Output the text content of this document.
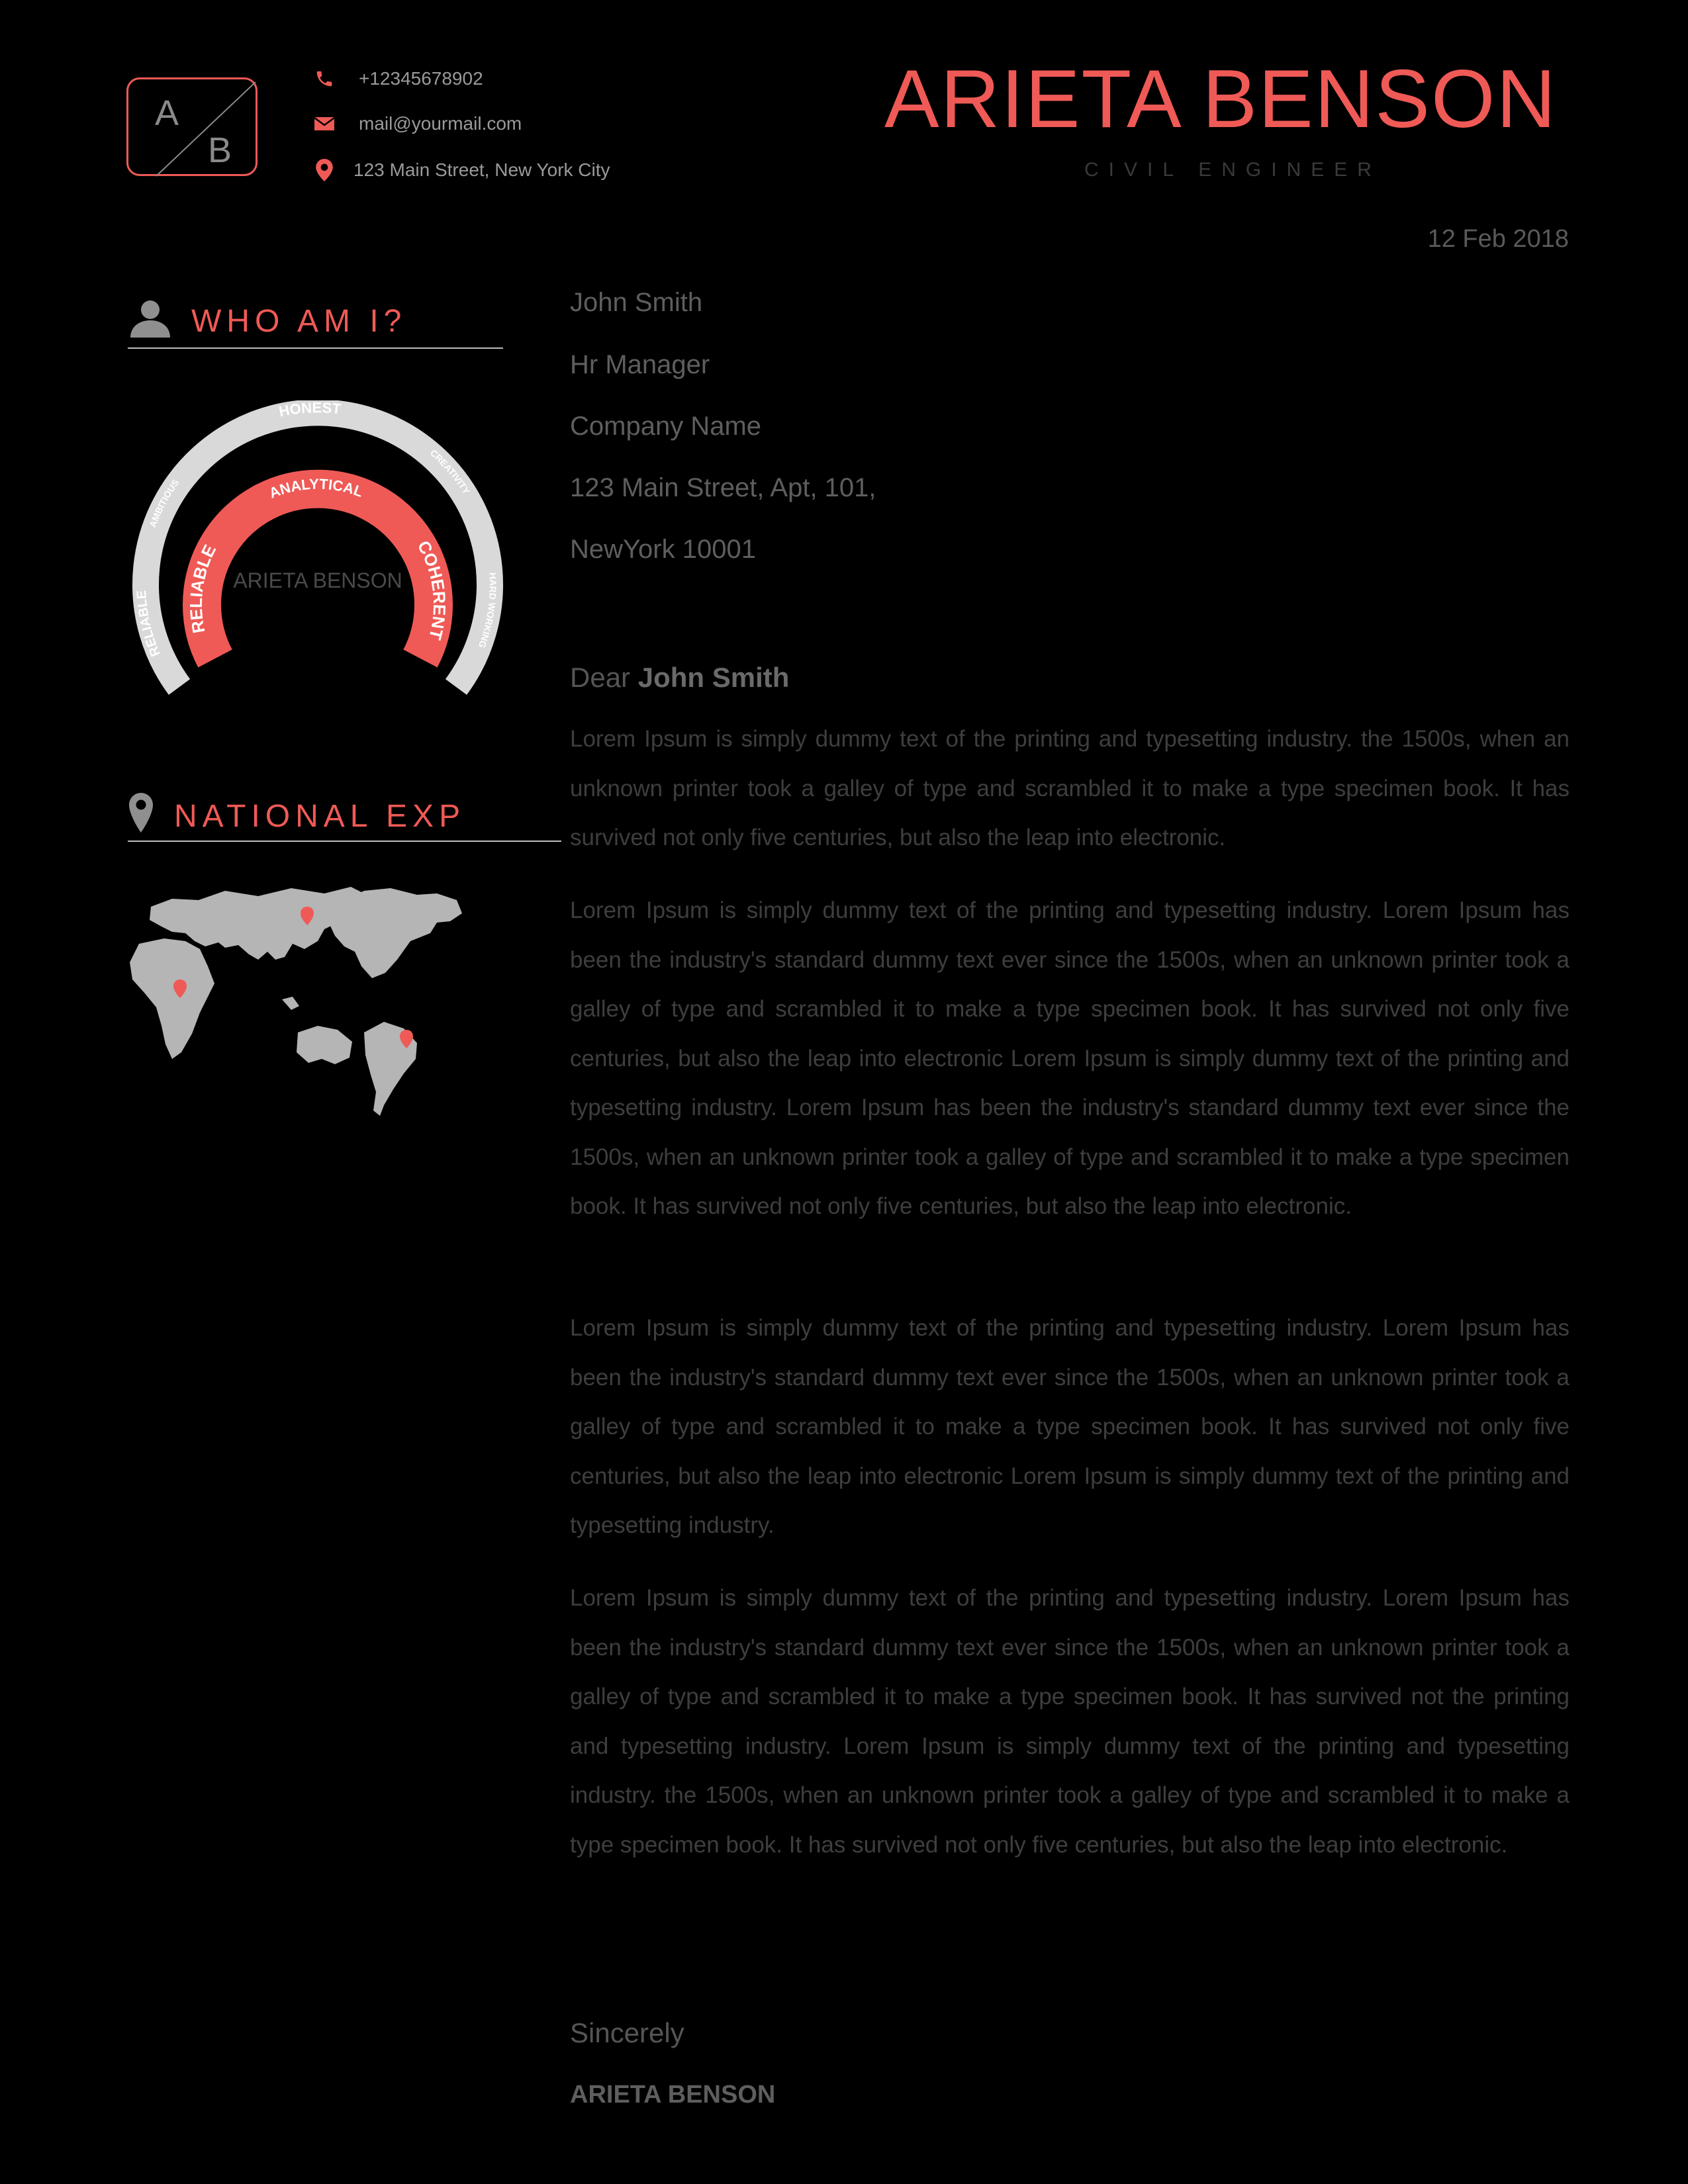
A
B
+12345678902
mail@yourmail.com
123 Main Street, New York City
ARIETA BENSON
CIVIL ENGINEER
12 Feb 2018
WHO AM I?
RELIABLE
AMBITIOUS
HONEST
CREATIVITY
HARD WORKING
RELIABLE
ANALYTICAL
COHERENT
ARIETA BENSON
NATIONAL EXP
John Smith
Hr Manager
Company Name
123 Main Street, Apt, 101,
NewYork 10001
Dear John Smith
Lorem Ipsum is simply dummy text of the printing and typesetting industry. the 1500s, when an unknown printer took a galley of type and scrambled it to make a type specimen book. It has survived not only five centuries, but also the leap into electronic.
Lorem Ipsum is simply dummy text of the printing and typesetting industry. Lorem Ipsum has been the industry's standard dummy text ever since the 1500s, when an unknown printer took a galley of type and scrambled it to make a type specimen book. It has survived not only five centuries, but also the leap into electronic Lorem Ipsum is simply dummy text of the printing and typesetting industry. Lorem Ipsum has been the industry's standard dummy text ever since the 1500s, when an unknown printer took a galley of type and scrambled it to make a type specimen book. It has survived not only five centuries, but also the leap into electronic.
Lorem Ipsum is simply dummy text of the printing and typesetting industry. Lorem Ipsum has been the industry's standard dummy text ever since the 1500s, when an unknown printer took a galley of type and scrambled it to make a type specimen book. It has survived not only five centuries, but also the leap into electronic Lorem Ipsum is simply dummy text of the printing and typesetting industry.
Lorem Ipsum is simply dummy text of the printing and typesetting industry. Lorem Ipsum has been the industry's standard dummy text ever since the 1500s, when an unknown printer took a galley of type and scrambled it to make a type specimen book. It has survived not the printing and typesetting industry. Lorem Ipsum is simply dummy text of the printing and typesetting industry. the 1500s, when an unknown printer took a galley of type and scrambled it to make a type specimen book. It has survived not only five centuries, but also the leap into electronic.
Sincerely
ARIETA BENSON
